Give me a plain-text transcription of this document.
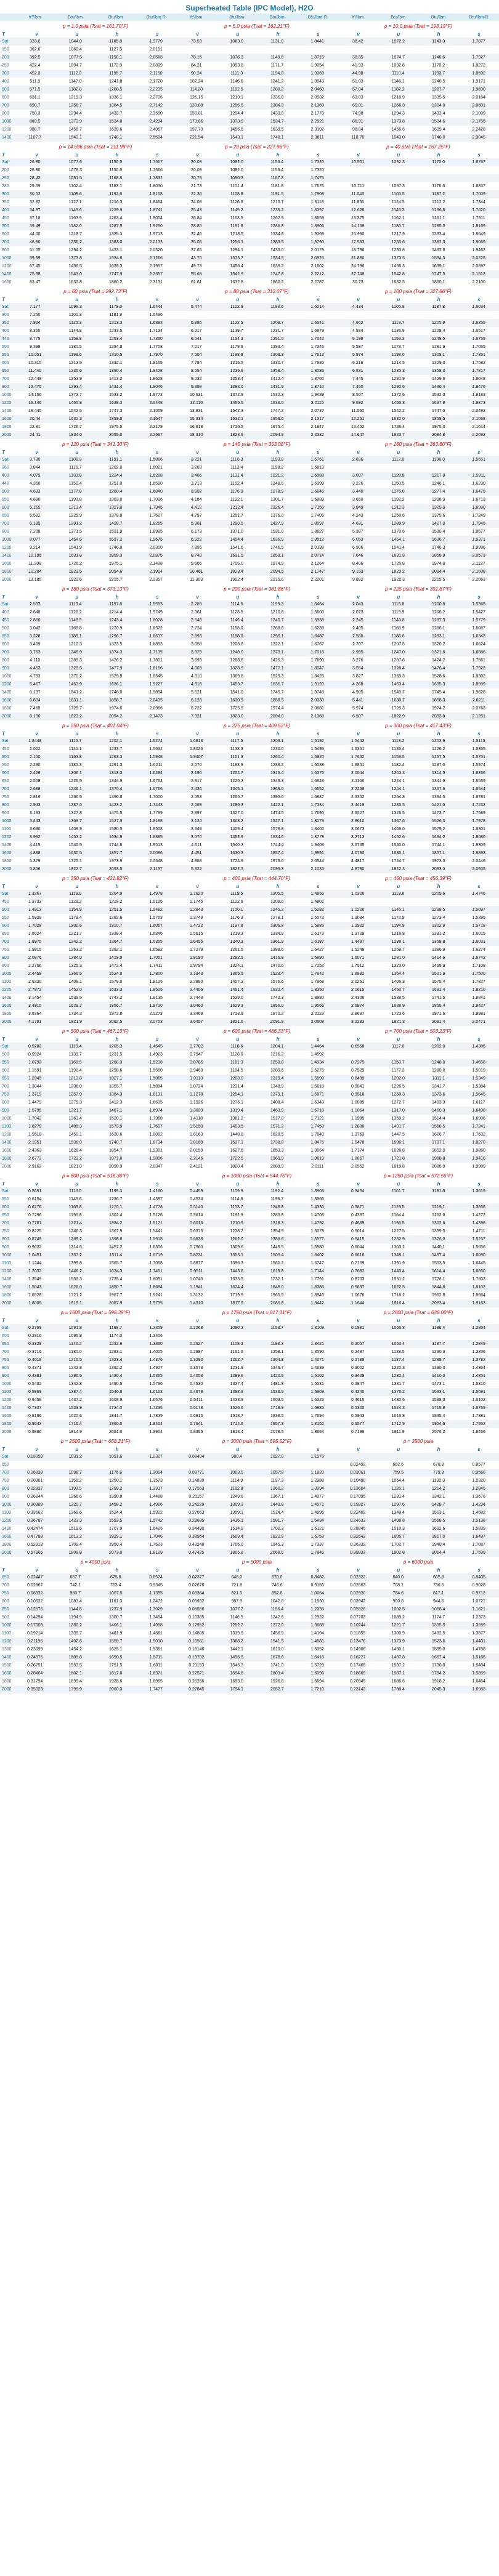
Superheated Table (IPC Model), H2O
ft³/lbm	Btu/lbm	Btu/lbm	Btu/lbm-R	ft³/lbm	Btu/lbm	Btu/lbm	Btu/lbm-R	ft³/lbm	Btu/lbm	Btu/lbm	Btu/lbm-R
p = 1.0 psia (Tsat = 101.70°F)	p = 5.0 psia (Tsat = 162.21°F)	p = 10.0 psia (Tsat = 193.19°F)
T	v	u	h	s	v	u	h	s	v	u	h	s
Sat	333.6	1044.0	1105.8	1.9779	73.53	1063.0	1131.0	1.8441	38.42	1072.2	1143.3	1.7877
150	362.6	1060.4	1127.5	2.0151								
200	392.5	1077.5	1150.1	2.0508	78.15	1076.3	1148.6	1.8715	38.85	1074.7	1146.6	1.7927
250	422.4	1094.7	1172.9	2.0839	84.21	1093.8	1171.7	1.9054	41.93	1092.6	1170.2	1.8272
300	452.3	1112.0	1195.7	2.1150	90.24	1111.3	1194.8	1.9369	44.98	1110.4	1193.7	1.8592
400	511.9	1147.0	1241.8	2.1720	102.24	1146.6	1241.2	1.9943	51.03	1146.1	1240.5	1.9171
500	571.5	1182.8	1288.5	2.2235	114.20	1182.5	1288.2	2.0460	57.04	1182.2	1287.7	1.9690
600	631.1	1219.3	1336.1	2.2706	126.15	1219.1	1335.8	2.0932	63.03	1218.9	1335.5	2.0164
700	690.7	1256.7	1384.5	2.7142	138.08	1256.5	1384.3	2.1369	69.01	1256.3	1384.0	2.0601
800	750.3	1294.4	1433.7	2.3550	150.01	1294.4	1433.6	2.1776	74.98	1294.3	1433.4	2.1009
1000	869.5	1373.9	1534.8	2.4294	173.86	1373.9	1534.7	2.2521	86.91	1373.8	1534.6	2.1755
1200	988.7	1456.7	1639.6	2.4967	197.70	1456.6	1639.5	2.3192	98.84	1456.6	1639.4	2.2428
1400	1107.7	1543.1	1748.1	2.5584	221.54	1543.1	1748.1	2.3811	110.76	1543.0	1748.0	2.3045
p = 14.696 psia (Tsat = 211.99°F)	p = 20 psia (Tsat = 227.96°F)	p = 40 psia (Tsat = 267.25°F)
T	v	u	h	s	v	u	h	s	v	u	h	s
Sat	26.80	1077.6	1150.5	1.7567	20.09	1082.0	1156.4	1.7320	10.501	1092.3	1170.0	1.6767
200	26.80	1078.3	1150.6	1.7566	20.09	1082.0	1156.4	1.7320				
250	28.42	1091.5	1168.8	1.7832	20.79	1090.3	1167.2	1.7475				
280	29.59	1102.4	1183.1	1.8030	21.73	1101.4	1181.8	1.7676	10.711	1097.3	1176.6	1.6857
300	30.52	1109.6	1192.6	1.8158	22.36	1108.8	1191.5	1.7808	11.040	1105.5	1187.2	1.7009
350	32.82	1127.1	1216.3	1.8464	24.08	1126.6	1215.7	1.8118	11.850	1124.5	1212.2	1.7344
400	34.97	1145.6	1239.9	1.8741	25.43	1145.2	1239.2	1.8397	12.628	1143.3	1236.8	1.7620
450	37.18	1163.9	1263.4	1.9004	26.84	1163.5	1262.9	1.8659	13.375	1162.1	1261.1	1.7911
500	39.49	1182.0	1287.5	1.9250	28.85	1181.8	1286.8	1.8906	14.168	1180.7	1285.0	1.8169
600	44.00	1218.7	1335.3	1.9713	32.46	1218.5	1334.8	1.9369	15.990	1217.9	1333.4	1.8649
700	48.80	1256.2	1383.0	2.0133	35.05	1256.1	1383.5	1.9790	17.533	1255.6	1382.3	1.9069
800	51.05	1294.2	1433.1	2.0520	37.65	1294.1	1433.0	2.0179	18.796	1293.8	1432.8	1.9462
1000	59.39	1373.8	1534.6	2.1266	43.70	1373.7	1534.5	2.0925	21.880	1373.5	1534.3	2.0225
1200	67.45	1456.5	1639.3	2.1957	49.73	1456.4	1639.2	2.1602	24.796	1456.3	1639.1	2.0897
1400	75.38	1543.0	1747.9	2.2557	55.68	1542.9	1747.8	2.2212	27.748	1542.8	1747.5	2.1512
1600	83.47	1632.8	1860.2	2.3131	61.61	1632.8	1860.2	2.2787	30.73	1632.5	1860.1	2.2100
p = 60 psia (Tsat = 292.73°F)	p = 80 psia (Tsat = 312.07°F)	p = 100 psia (Tsat = 327.86°F)
T	v	u	h	s	v	u	h	s	v	u	h	s
Sat	7.177	1098.3	1178.0	1.6444	5.474	1102.6	1183.6	1.6214	4.434	1105.8	1187.8	1.6034
300	7.260	1101.3	1181.9	1.6496								
350	7.924	1125.3	1213.3	1.6893	5.886	1122.5	1209.7	1.6541	4.662	1119.7	1205.9	1.6259
400	8.355	1144.8	1233.5	1.7134	6.217	1139.7	1231.7	1.6879	4.934	1136.9	1228.4	1.6517
440	8.775	1159.8	1253.4	1.7360	6.541	1154.2	1251.0	1.7042	5.199	1153.3	1248.5	1.6755
500	9.399	1180.5	1284.8	1.7708	7.017	1179.6	1283.4	1.7346	5.587	1178.7	1281.9	1.7065
550	10.051	1199.6	1310.5	1.7970	7.504	1198.8	1309.3	1.7613	5.974	1198.0	1308.1	1.7351
600	10.315	1213.5	1332.1	1.8165	7.784	1215.5	1330.7	1.7836	6.216	1214.5	1329.3	1.7582
650	11.440	1236.6	1360.4	1.8428	8.554	1235.9	1359.4	1.8086	6.831	1235.3	1358.3	1.7817
700	12.448	1253.9	1413.2	1.8628	9.232	1253.4	1412.4	1.8700	7.445	1291.9	1429.6	1.8048
800	12.475	1293.4	1431.4	1.9046	9.399	1293.0	1431.0	1.8710	7.450	1292.6	1430.4	1.8476
1000	14.156	1373.7	1533.2	1.9773	10.631	1372.9	1532.3	1.9439	8.507	1372.6	1532.0	1.9183
1200	16.145	1455.8	1638.3	2.0448	12.110	1455.5	1638.0	2.0115	9.692	1455.3	1637.8	1.9873
1400	18.445	1542.5	1747.3	2.1069	13.831	1542.3	1747.2	2.0737	11.060	1542.2	1747.0	2.0492
1600	20.44	1632.3	1859.8	2.1647	15.334	1632.1	1859.6	2.1317	12.261	1632.0	1859.5	2.1068
1800	22.31	1726.7	1975.5	2.2179	16.818	1726.5	1975.4	2.1847	13.452	1726.4	1975.3	2.1614
2000	24.41	1824.0	2095.0	2.2657	18.310	1823.9	2094.9	2.2332	14.647	1823.7	2094.8	2.2092
p = 120 psia (Tsat = 341.30°F)	p = 140 psia (Tsat = 353.08°F)	p = 160 psia (Tsat = 363.60°F)
T	v	u	h	s	v	u	h	s	v	u	h	s
Sat	3.730	1108.3	1191.1	1.5886	3.221	1110.3	1193.8	1.5761	2.836	1112.0	1196.0	1.5651
360	3.844	1116.7	1202.0	1.6021	3.269	1113.4	1198.2	1.5813				
400	4.079	1133.8	1224.4	1.6288	3.466	1131.4	1221.2	1.6088	3.007	1128.8	1217.8	1.5911
440	4.350	1150.4	1251.0	1.6590	3.713	1152.4	1248.6	1.6399	3.226	1150.5	1246.1	1.6230
500	4.633	1177.8	1280.4	1.6840	3.952	1176.9	1278.9	1.6646	3.440	1176.0	1277.4	1.6475
550	4.890	1193.8	1303.0	1.7096	4.184	1192.1	1301.7	1.6889	3.650	1192.2	1298.9	1.6713
600	5.165	1213.4	1327.8	1.7345	4.412	1212.4	1326.4	1.7155	3.849	1211.3	1325.0	1.6990
650	5.582	1225.9	1378.8	1.7627	4.797	1251.7	1376.0	1.7405	4.243	1250.6	1375.6	1.7249
700	6.195	1291.2	1428.7	1.8265	5.301	1290.5	1427.9	1.8097	4.631	1289.9	1427.0	1.7945
800	7.208	1371.5	1531.9	1.8985	6.173	1371.0	1531.0	1.8827	5.397	1370.6	1530.4	1.8677
1000	8.077	1454.6	1637.2	1.9675	6.922	1454.4	1636.9	1.9512	6.053	1454.1	1636.7	1.9371
1200	9.214	1541.9	1746.8	2.0300	7.895	1541.6	1746.5	2.0138	6.906	1541.4	1746.3	1.9996
1400	10.195	1631.8	1859.3	2.0875	8.740	1631.5	1859.1	2.0714	7.646	1631.3	1858.9	2.0573
1600	11.208	1726.2	1975.1	2.1428	9.606	1726.0	1974.9	2.1264	8.406	1725.8	1974.8	2.1127
1800	12.204	1823.5	2094.6	2.1904	10.461	1823.4	2094.5	2.1747	9.153	1823.2	2094.4	2.1608
2000	13.185	1922.6	2215.7	2.2357	11.303	1922.4	2215.6	2.2201	9.892	1922.3	2215.5	2.2063
p = 180 psia (Tsat = 373.13°F)	p = 200 psia (Tsat = 381.86°F)	p = 225 psia (Tsat = 391.87°F)
T	v	u	h	s	v	u	h	s	v	u	h	s
Sat	2.533	1113.4	1197.8	1.5553	2.289	1114.6	1199.3	1.5464	2.043	1115.8	1200.8	1.5365
400	2.648	1126.2	1214.4	1.5749	2.361	1123.5	1210.8	1.5600	2.073	1119.9	1206.2	1.5427
450	2.850	1148.5	1243.4	1.6078	2.548	1146.4	1240.7	1.5938	2.245	1143.8	1237.3	1.5779
500	3.042	1168.8	1270.9	1.6372	2.724	1168.0	1268.8	1.6239	2.405	1165.9	1266.1	1.6087
550	3.228	1189.1	1296.7	1.6617	2.893	1188.0	1295.1	1.6487	2.558	1186.6	1293.1	1.6342
600	3.409	1210.3	1323.5	1.6893	3.058	1208.8	1322.1	1.6767	2.707	1207.5	1320.2	1.6624
700	3.763	1248.9	1374.3	1.7135	3.379	1248.0	1373.1	1.7018	2.995	1247.0	1371.6	1.6886
800	4.110	1289.3	1426.2	1.7801	3.693	1288.6	1425.3	1.7690	3.276	1287.8	1424.2	1.7561
900	4.453	1329.5	1477.9	1.8156	4.003	1328.9	1477.1	1.8047	3.554	1328.4	1476.4	1.7922
1000	4.793	1370.2	1529.8	1.8545	4.310	1369.8	1529.3	1.8425	3.827	1369.3	1528.6	1.8302
1200	5.467	1453.9	1636.1	1.9227	4.918	1453.7	1635.7	1.9120	4.368	1453.4	1635.3	1.8999
1400	6.137	1541.2	1746.0	1.9854	5.521	1541.0	1745.7	1.9748	4.905	1540.7	1745.4	1.9628
1600	6.804	1631.1	1858.7	2.0435	6.123	1630.9	1858.5	2.0330	5.441	1630.7	1858.3	2.0211
1800	7.468	1725.7	1974.6	2.0986	6.722	1725.5	1974.4	2.0881	5.974	1725.3	1974.2	2.0763
2000	8.130	1823.2	2094.2	2.1473	7.321	1823.0	2094.0	2.1368	6.507	1822.9	2093.8	2.1251
p = 250 psia (Tsat = 401.04°F)	p = 275 psia (Tsat = 409.52°F)	p = 300 psia (Tsat = 417.43°F)
T	v	u	h	s	v	u	h	s	v	u	h	s
Sat	1.8448	1116.7	1202.1	1.5274	1.6813	1117.5	1203.1	1.5192	1.5442	1118.2	1203.9	1.5115
450	2.002	1141.1	1233.7	1.5632	1.8026	1138.3	1230.0	1.5495	1.6361	1135.4	1226.2	1.5365
500	2.150	1163.8	1263.3	1.5948	1.9407	1161.6	1260.4	1.5820	1.7662	1159.5	1257.5	1.5701
550	2.290	1185.3	1291.3	1.6211	2.070	1183.9	1289.2	1.6088	1.8851	1182.4	1287.0	1.5974
600	2.426	1206.1	1318.3	1.6494	2.196	1204.7	1316.4	1.6376	2.0044	1203.3	1314.5	1.6266
650	2.558	1226.5	1344.9	1.6764	2.317	1225.3	1343.3	1.6648	2.1166	1224.1	1341.6	1.6539
700	2.688	1246.1	1370.4	1.6766	2.436	1245.1	1369.0	1.6652	2.2268	1244.1	1367.6	1.6544
750	2.816	1266.5	1396.8	1.7000	2.553	1265.7	1395.6	1.6887	2.3352	1264.8	1394.5	1.6781
800	2.943	1287.0	1423.2	1.7443	2.669	1286.3	1422.1	1.7334	2.4419	1285.5	1421.0	1.7232
900	3.193	1327.8	1475.5	1.7799	2.897	1327.0	1474.5	1.7690	2.6527	1326.5	1473.7	1.7589
1000	3.443	1368.7	1527.9	1.8188	3.124	1368.2	1527.1	1.8079	2.8610	1367.6	1526.3	1.7978
1100	3.690	1409.9	1580.5	1.8508	3.349	1409.4	1579.8	1.8400	3.0673	1409.0	1579.2	1.8301
1200	3.932	1453.2	1634.9	1.8885	3.570	1452.9	1634.6	1.8779	3.2713	1452.6	1634.2	1.8680
1400	4.415	1540.5	1744.8	1.9513	4.011	1540.3	1744.4	1.9408	3.6765	1540.0	1744.1	1.9309
1600	4.898	1630.5	1857.7	2.0096	4.451	1630.3	1857.4	1.9991	4.0790	1630.1	1857.1	1.9893
1800	5.379	1725.1	1973.9	2.0648	4.888	1724.9	1973.6	2.0544	4.4817	1724.7	1973.3	2.0446
2000	5.856	1822.7	2093.5	2.1137	5.322	1822.5	2093.3	2.1033	4.8790	1822.3	2093.0	2.0935
p = 350 psia (Tsat = 431.82°F)	p = 400 psia (Tsat = 444.70°F)	p = 450 psia (Tsat = 456.39°F)
T	v	u	h	s	v	u	h	s	v	u	h	s
Sat	1.3267	1119.0	1204.9	1.4978	1.1620	1119.5	1205.5	1.4856	1.0326	1119.6	1205.6	1.4746
450	1.3733	1129.2	1218.2	1.5125	1.1745	1122.6	1209.6	1.4901				
500	1.4913	1154.9	1251.5	1.5482	1.2843	1150.1	1245.2	1.5282	1.1226	1145.1	1238.5	1.5097
550	1.5929	1179.4	1282.6	1.5763	1.3749	1176.3	1278.1	1.5572	1.2034	1172.9	1273.4	1.5395
600	1.7028	1200.6	1310.7	1.6067	1.4722	1197.8	1306.8	1.5885	1.2922	1194.9	1302.9	1.5718
650	1.8024	1221.7	1338.4	1.6346	1.5615	1219.3	1334.9	1.6173	1.3729	1216.8	1331.2	1.6015
700	1.8975	1242.2	1364.7	1.6355	1.6455	1240.2	1361.9	1.6187	1.4497	1238.1	1358.8	1.6031
750	1.9915	1263.2	1392.1	1.6592	1.7279	1261.5	1389.6	1.6427	1.5248	1259.7	1386.9	1.6274
800	2.0876	1284.0	1418.9	1.7051	1.8190	1282.5	1416.8	1.6890	1.6071	1281.0	1414.6	1.6742
900	2.2706	1325.3	1472.4	1.7411	1.9794	1324.1	1470.6	1.7252	1.7512	1323.0	1468.9	1.7108
1000	2.4458	1366.5	1524.8	1.7800	2.1343	1365.5	1523.4	1.7642	1.8892	1364.4	1521.9	1.7500
1100	2.6220	1408.1	1578.0	1.8125	2.2880	1407.2	1576.6	1.7968	2.0261	1406.3	1575.4	1.7827
1200	2.7972	1452.0	1633.3	1.8506	2.4406	1451.4	1632.4	1.8350	2.1615	1450.7	1631.4	1.8210
1400	3.1454	1539.5	1743.2	1.9135	2.7443	1539.0	1742.3	1.8980	2.4306	1538.5	1741.5	1.8841
1600	3.4915	1629.7	1856.7	1.9720	3.0460	1629.3	1856.0	1.9566	2.6974	1628.9	1855.4	1.9427
1800	3.8364	1724.3	1972.8	2.0273	3.3469	1723.9	1972.2	2.0119	2.9637	1723.6	1971.6	1.9981
2000	4.1791	1821.9	2092.5	2.0763	3.6457	1821.6	2091.9	2.0609	3.2283	1821.3	2091.4	2.0471
p = 500 psia (Tsat = 467.13°F)	p = 600 psia (Tsat = 486.33°F)	p = 700 psia (Tsat = 503.23°F)
T	v	u	h	s	v	u	h	s	v	u	h	s
Sat	0.9283	1119.4	1205.3	1.4645	0.7702	1118.6	1204.1	1.4464	0.6558	1117.0	1202.0	1.4305
500	0.9924	1139.7	1231.5	1.4923	0.7947	1128.0	1216.2	1.4592				
550	1.0792	1168.5	1268.3	1.5230	0.8785	1161.3	1258.8	1.4934	0.7275	1153.7	1248.0	1.4658
600	1.1591	1191.4	1298.6	1.5560	0.9463	1184.5	1289.6	1.5275	0.7929	1177.3	1280.0	1.5019
650	1.2345	1213.8	1327.1	1.5865	1.0113	1208.0	1319.4	1.5590	0.8499	1202.0	1311.1	1.5349
700	1.3044	1236.0	1355.7	1.5884	1.0724	1231.4	1348.9	1.5618	0.9041	1226.5	1341.7	1.5384
750	1.3719	1257.9	1384.3	1.6131	1.1278	1254.1	1379.1	1.5871	0.9518	1250.3	1373.6	1.5645
800	1.4479	1279.3	1412.3	1.6605	1.1926	1276.1	1408.4	1.6343	1.0085	1272.7	1403.3	1.6117
900	1.5795	1321.7	1467.1	1.6974	1.3039	1319.4	1463.9	1.6718	1.1064	1317.0	1460.3	1.6498
1000	1.7042	1363.4	1520.1	1.7368	1.4118	1361.2	1517.8	1.7121	1.1985	1359.2	1514.4	1.6906
1100	1.8279	1405.3	1573.9	1.7697	1.5150	1403.5	1571.2	1.7453	1.2880	1401.7	1568.5	1.7241
1200	1.9518	1450.1	1630.6	1.8082	1.6163	1448.8	1628.5	1.7840	1.3763	1447.5	1626.7	1.7632
1400	2.1951	1538.0	1740.7	1.8714	1.8169	1537.1	1738.8	1.8475	1.5478	1536.1	1737.1	1.8270
1600	2.4363	1628.4	1854.7	1.9301	2.0159	1627.6	1853.3	1.9064	1.7174	1626.8	1852.0	1.8860
1800	2.6773	1723.2	1971.0	1.9856	2.2146	1722.5	1969.9	1.9619	1.8867	1721.8	1968.8	1.9416
2000	2.9162	1821.0	2090.9	2.0347	2.4121	1820.4	2089.9	2.0111	2.0552	1819.8	2088.9	1.9909
p = 800 psia (Tsat = 518.36°F)	p = 1000 psia (Tsat = 544.75°F)	p = 1250 psia (Tsat = 572.56°F)
T	v	u	h	s	v	u	h	s	v	u	h	s
Sat	0.5691	1115.0	1199.3	1.4160	0.4459	1109.9	1192.4	1.3903	0.3454	1101.7	1181.6	1.3619
550	0.6154	1145.6	1236.7	1.4397	0.4534	1114.8	1198.7	1.3966				
600	0.6776	1169.8	1270.1	1.4778	0.5140	1153.7	1248.8	1.4336	0.3871	1129.5	1219.1	1.3856
650	0.7296	1195.8	1302.4	1.5126	0.5614	1182.9	1283.8	1.4708	0.4337	1164.4	1262.6	1.4272
700	0.7787	1221.4	1334.2	1.5171	0.6016	1210.9	1318.3	1.4792	0.4689	1196.5	1302.6	1.4396
750	0.8225	1246.3	1367.9	1.5441	0.6375	1238.2	1354.9	1.5079	0.5014	1227.5	1339.3	1.4711
800	0.8749	1269.2	1398.6	1.5918	0.6838	1262.0	1388.6	1.5577	0.5415	1252.9	1376.0	1.5237
900	0.9632	1314.6	1457.2	1.6306	0.7560	1309.6	1449.5	1.5980	0.6044	1303.2	1440.1	1.5656
1000	1.0451	1357.2	1511.4	1.6719	0.8231	1353.1	1505.4	1.6402	0.6616	1348.1	1497.4	1.6090
1100	1.1244	1399.8	1565.7	1.7058	0.8877	1396.3	1560.2	1.6747	0.7159	1391.9	1553.5	1.6445
1200	1.2032	1446.2	1624.3	1.7451	0.9511	1443.6	1619.8	1.7144	0.7682	1440.4	1614.4	1.6850
1400	1.3549	1535.3	1735.4	1.8091	1.0740	1533.5	1732.1	1.7791	0.8703	1531.2	1728.1	1.7503
1600	1.5043	1626.0	1850.7	1.8684	1.1941	1624.4	1848.0	1.8386	0.9697	1622.5	1844.8	1.8102
1800	1.6528	1721.2	1967.7	1.9241	1.3132	1719.9	1965.5	1.8945	1.0676	1718.2	1962.8	1.8664
2000	1.8005	1819.1	2087.9	1.9735	1.4310	1817.9	2085.8	1.9442	1.1644	1816.4	2083.4	1.9163
p = 1500 psia (Tsat = 596.39°F)	p = 1750 psia (Tsat = 617.31°F)	p = 2000 psia (Tsat = 636.00°F)
T	v	u	h	s	v	u	h	s	v	u	h	s
Sat	0.2769	1091.8	1168.7	1.3359	0.2268	1080.2	1153.7	1.3109	0.1881	1066.8	1136.4	1.2864
600	0.2816	1095.8	1174.0	1.3406								
650	0.3329	1140.2	1232.6	1.3860	0.2627	1108.2	1193.3	1.3421	0.2057	1063.4	1137.7	1.2849
700	0.3716	1180.0	1283.1	1.4005	0.2997	1161.0	1258.1	1.3590	0.2487	1138.5	1230.3	1.3206
750	0.4018	1215.5	1323.4	1.4376	0.3282	1202.7	1304.8	1.4071	0.2739	1187.4	1288.7	1.3782
800	0.4371	1242.8	1362.2	1.4927	0.3573	1231.9	1346.7	1.4639	0.3002	1220.3	1330.3	1.4364
900	0.4891	1296.5	1430.4	1.5365	0.4053	1289.6	1420.5	1.5102	0.3429	1282.4	1410.0	1.4851
1000	0.5432	1342.8	1490.5	1.5796	0.4530	1337.4	1481.8	1.5531	0.3847	1331.7	1473.1	1.5310
1100	0.5969	1387.4	1546.8	1.6162	0.4979	1382.8	1539.9	1.5909	0.4240	1378.2	1533.1	1.5691
1200	0.6458	1437.2	1608.9	1.6576	0.5411	1433.9	1603.5	1.6325	0.4615	1430.6	1598.0	1.6102
1400	0.7337	1528.9	1724.0	1.7235	0.6178	1526.6	1719.9	1.6985	0.5300	1524.3	1715.8	1.6769
1600	0.8196	1620.6	1841.7	1.7839	0.6916	1618.7	1838.5	1.7594	0.5943	1616.8	1835.4	1.7381
1800	0.9043	1716.4	1960.0	1.8404	0.7641	1714.6	1957.3	1.8162	0.6577	1712.9	1954.6	1.7952
2000	0.9880	1814.9	2081.0	1.8904	0.8355	1813.4	2078.5	1.8664	0.7199	1811.9	2076.2	1.8456
p = 2500 psia (Tsat = 668.31°F)	p = 3000 psia (Tsat = 695.52°F)	p = 3500 psia
T	v	u	h	s	v	u	h	s	v	u	h	s
Sat	0.13059	1031.2	1091.6	1.2327	0.08404	980.4	1027.0	1.1575				
650									0.02492	662.6	678.8	0.8577
700	0.16839	1098.7	1176.6	1.3054	0.09771	1003.5	1057.8	1.1820	0.03061	759.5	779.3	0.9566
750	0.20301	1156.2	1250.1	1.3573	0.14839	1114.9	1197.3	1.2988	0.10490	1064.4	1132.3	1.2320
800	0.22837	1193.5	1299.2	1.3917	0.17553	1162.8	1260.2	1.3394	0.13604	1126.1	1214.2	1.2845
900	0.26844	1266.6	1390.8	1.4488	0.21157	1249.6	1367.1	1.4077	0.17095	1231.4	1342.1	1.3676
1000	0.30369	1320.7	1458.2	1.4926	0.24229	1309.3	1443.8	1.4571	0.19927	1297.6	1428.7	1.4234
1100	0.33662	1368.6	1524.4	1.5322	0.27063	1359.1	1514.4	1.4996	0.22402	1349.4	1503.1	1.4682
1200	0.36787	1423.3	1593.5	1.5742	0.29685	1416.1	1581.7	1.5434	0.24633	1408.8	1568.5	1.5138
1400	0.42474	1519.6	1707.9	1.6425	0.34490	1514.9	1700.3	1.6121	0.28845	1510.3	1692.6	1.5839
1600	0.47789	1613.2	1829.1	1.7046	0.38964	1609.4	1822.9	1.6753	0.32642	1605.7	1817.0	1.6497
1800	0.52918	1709.4	1950.4	1.7623	0.43248	1706.0	1945.3	1.7337	0.36332	1702.7	1940.4	1.7087
2000	0.57965	1808.8	2073.0	1.8129	0.47425	1805.8	2068.6	1.7846	0.39933	1802.8	2064.4	1.7599
p = 4000 psia	p = 5000 psia	p = 6000 psia
T	v	u	h	s	v	u	h	s	v	u	h	s
650	0.02447	657.7	675.8	0.8574	0.02377	648.0	670.0	0.8482	0.02322	640.0	665.8	0.8405
700	0.02867	742.1	763.4	0.9345	0.02676	721.8	746.6	0.9156	0.02563	708.1	736.5	0.9028
750	0.06332	960.7	1007.5	1.1395	0.03364	821.5	852.6	1.0064	0.02930	784.6	817.1	0.9712
800	0.10522	1083.4	1161.3	1.2472	0.05932	987.9	1042.8	1.1530	0.03942	900.8	944.6	1.0721
850	0.12576	1144.8	1237.9	1.3029	0.08556	1077.2	1156.4	1.2335	0.05928	1002.5	1068.4	1.1621
900	0.14294	1194.9	1300.7	1.3454	0.10385	1146.5	1242.6	1.2922	0.07703	1089.2	1174.7	1.2373
1000	0.17003	1280.2	1406.1	1.4098	0.12952	1252.2	1372.0	1.3688	0.10244	1221.7	1335.5	1.3289
1100	0.19214	1339.7	1481.9	1.4561	0.14805	1319.9	1456.9	1.4194	0.11855	1300.9	1432.5	1.3877
1200	0.21196	1402.6	1559.7	1.5010	0.16561	1388.2	1541.5	1.4681	0.13476	1373.9	1523.6	1.4401
1300	0.23099	1454.2	1625.1	1.5361	0.18146	1442.1	1610.0	1.5052	0.14906	1430.1	1595.0	1.4788
1400	0.24975	1505.8	1690.5	1.5711	0.19702	1496.5	1678.8	1.5418	0.16227	1487.3	1667.4	1.5165
1500	0.26751	1553.5	1751.5	1.6011	0.21153	1545.3	1741.0	1.5729	0.17465	1537.2	1730.8	1.5484
1600	0.28464	1602.1	1812.8	1.6371	0.22571	1594.6	1803.4	1.6096	0.18669	1587.1	1794.2	1.5859
1800	0.31794	1699.4	1935.6	1.6965	0.25256	1693.0	1926.8	1.6694	0.20945	1686.6	1918.2	1.6464
2000	0.35023	1799.9	2060.3	1.7477	0.27845	1794.1	2052.7	1.7210	0.23142	1788.4	2045.3	1.6983
